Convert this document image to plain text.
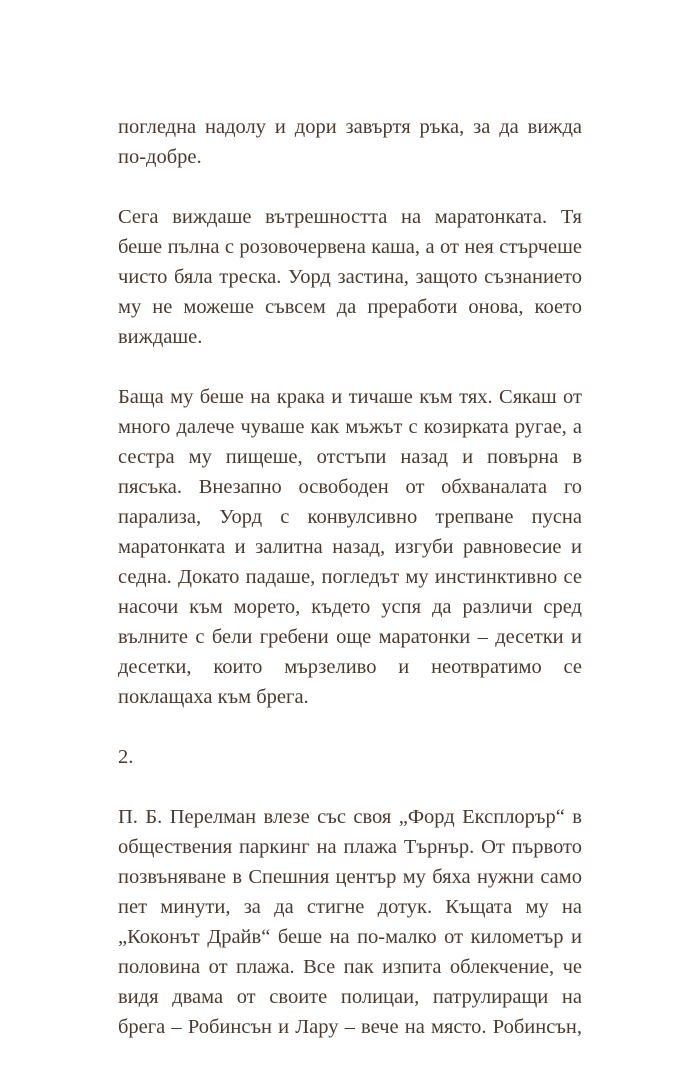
погледна надолу и дори завъртя ръка, за да вижда
по-добре.
Сега виждаше вътрешността на маратонката. Тя
беше пълна с розовочервена каша, а от нея стърчеше
чисто бяла треска. Уорд застина, защото съзнанието
му не можеше съвсем да преработи онова, което
виждаше.
Баща му беше на крака и тичаше към тях. Сякаш от
много далече чуваше как мъжът с козирката ругае, а
сестра му пищеше, отстъпи назад и повърна в
пясъка. Внезапно освободен от обхваналата го
парализа, Уорд с конвулсивно трепване пусна
маратонката и залитна назад, изгуби равновесие и
седна. Докато падаше, погледът му инстинктивно се
насочи към морето, където успя да различи сред
вълните с бели гребени още маратонки – десетки и
десетки, които мързеливо и неотвратимо се
поклащаха към брега.
2.
П. Б. Перелман влезе със своя „Форд Експлорър“ в
обществения паркинг на плажа Търнър. От първото
позвъняване в Спешния център му бяха нужни само
пет минути, за да стигне дотук. Къщата му на
„Коконът Драйв“ беше на по-малко от километър и
половина от плажа. Все пак изпита облекчение, че
видя двама от своите полицаи, патрулиращи на
брега – Робинсън и Лару – вече на място. Робинсън,
